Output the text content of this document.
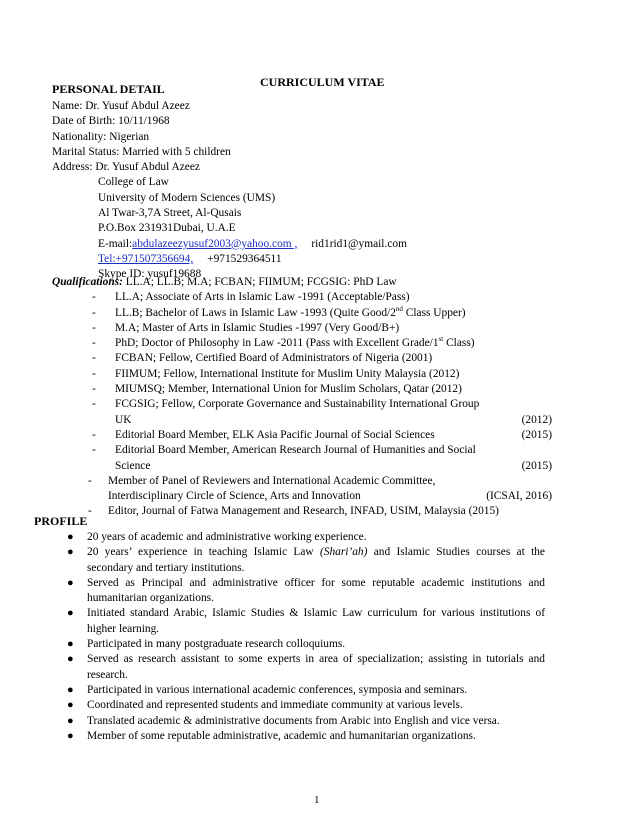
CURRICULUM VITAE
PERSONAL DETAIL
Name: Dr. Yusuf Abdul Azeez
Date of Birth: 10/11/1968
Nationality: Nigerian
Marital Status: Married with 5 children
Address: Dr. Yusuf Abdul Azeez
College of Law
University of Modern Sciences (UMS)
Al Twar-3,7A Street, Al-Qusais
P.O.Box 231931Dubai, U.A.E
E-mail:abdulazeezyusuf2003@yahoo.com , rid1rid1@ymail.com
Tel:+971507356694, +971529364511
Skype ID: yusuf19688
Qualifications: LL.A; LL.B; M.A; FCBAN; FIIMUM; FCGSIG: PhD Law
- LL.A; Associate of Arts in Islamic Law -1991 (Acceptable/Pass)
- LL.B; Bachelor of Laws in Islamic Law -1993 (Quite Good/2nd Class Upper)
- M.A; Master of Arts in Islamic Studies -1997 (Very Good/B+)
- PhD; Doctor of Philosophy in Law -2011 (Pass with Excellent Grade/1st Class)
- FCBAN; Fellow, Certified Board of Administrators of Nigeria (2001)
- FIIMUM; Fellow, International Institute for Muslim Unity Malaysia (2012)
- MIUMSQ; Member, International Union for Muslim Scholars, Qatar (2012)
- FCGSIG; Fellow, Corporate Governance and Sustainability International Group
UK	(2012)
- Editorial Board Member, ELK Asia Pacific Journal of Social Sciences	(2015)
- Editorial Board Member, American Research Journal of Humanities and Social
Science	(2015)
- Member of Panel of Reviewers and International Academic Committee,
Interdisciplinary Circle of Science, Arts and Innovation	(ICSAI, 2016)
- Editor, Journal of Fatwa Management and Research, INFAD, USIM, Malaysia (2015)
PROFILE
● 20 years of academic and administrative working experience.
● 20 years’ experience in teaching Islamic Law (Shari’ah) and Islamic Studies courses at the secondary and tertiary institutions.
● Served as Principal and administrative officer for some reputable academic institutions and humanitarian organizations.
● Initiated standard Arabic, Islamic Studies & Islamic Law curriculum for various institutions of higher learning.
● Participated in many postgraduate research colloquiums.
● Served as research assistant to some experts in area of specialization; assisting in tutorials and research.
● Participated in various international academic conferences, symposia and seminars.
● Coordinated and represented students and immediate community at various levels.
● Translated academic & administrative documents from Arabic into English and vice versa.
● Member of some reputable administrative, academic and humanitarian organizations.
1
